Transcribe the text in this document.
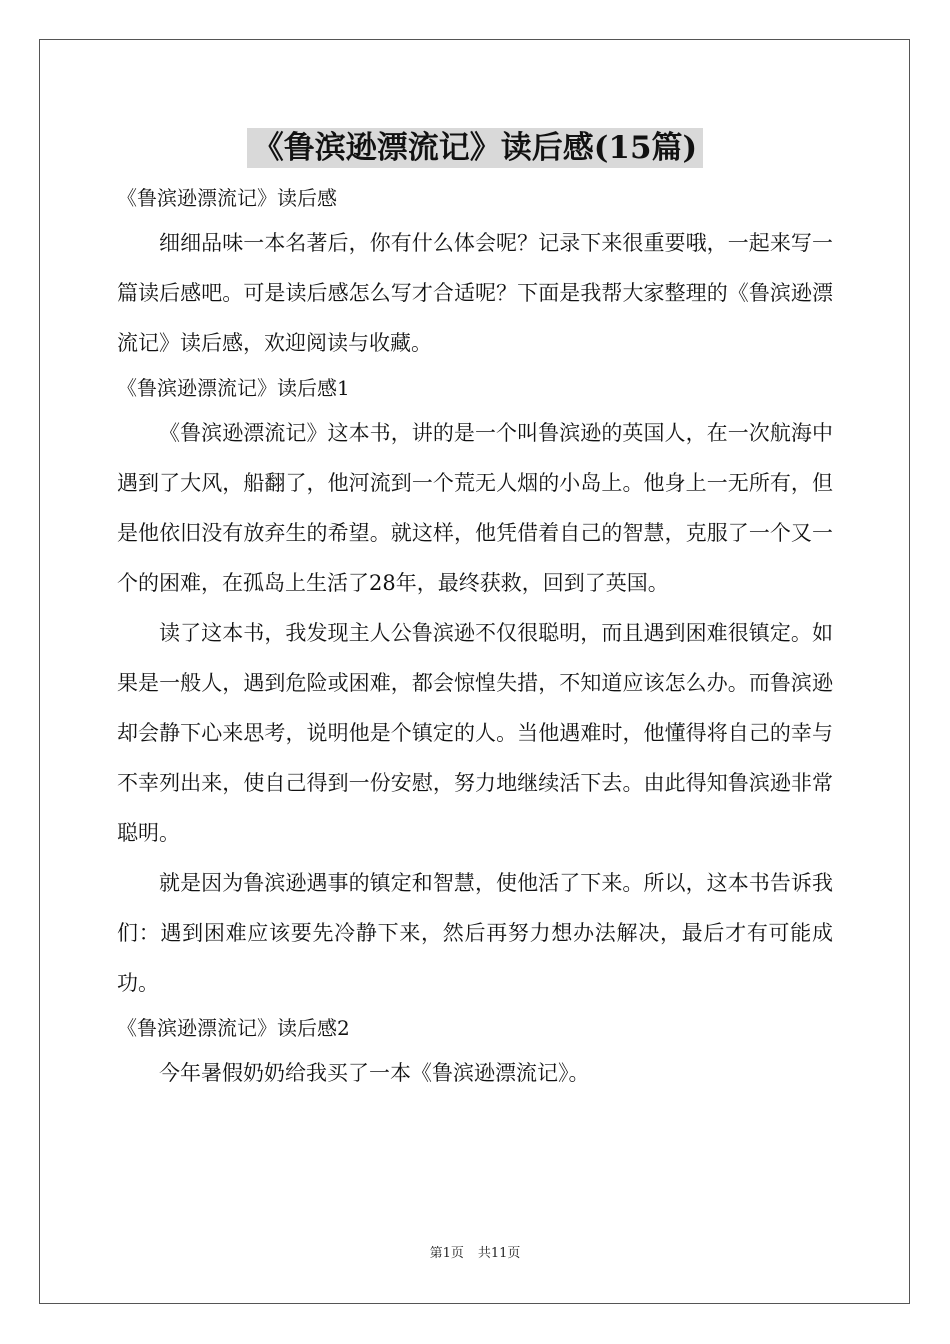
《鲁滨逊漂流记》读后感(15篇)

《鲁滨逊漂流记》读后感

细细品味一本名著后，你有什么体会呢？记录下来很重要哦，一起来写一篇读后感吧。可是读后感怎么写才合适呢？下面是我帮大家整理的《鲁滨逊漂流记》读后感，欢迎阅读与收藏。

《鲁滨逊漂流记》读后感1

《鲁滨逊漂流记》这本书，讲的是一个叫鲁滨逊的英国人，在一次航海中遇到了大风，船翻了，他河流到一个荒无人烟的小岛上。他身上一无所有，但是他依旧没有放弃生的希望。就这样，他凭借着自己的智慧，克服了一个又一个的困难，在孤岛上生活了28年，最终获救，回到了英国。

读了这本书，我发现主人公鲁滨逊不仅很聪明，而且遇到困难很镇定。如果是一般人，遇到危险或困难，都会惊惶失措，不知道应该怎么办。而鲁滨逊却会静下心来思考，说明他是个镇定的人。当他遇难时，他懂得将自己的幸与不幸列出来，使自己得到一份安慰，努力地继续活下去。由此得知鲁滨逊非常聪明。

就是因为鲁滨逊遇事的镇定和智慧，使他活了下来。所以，这本书告诉我们：遇到困难应该要先冷静下来，然后再努力想办法解决，最后才有可能成功。

《鲁滨逊漂流记》读后感2

今年暑假奶奶给我买了一本《鲁滨逊漂流记》。

第1页 共11页
